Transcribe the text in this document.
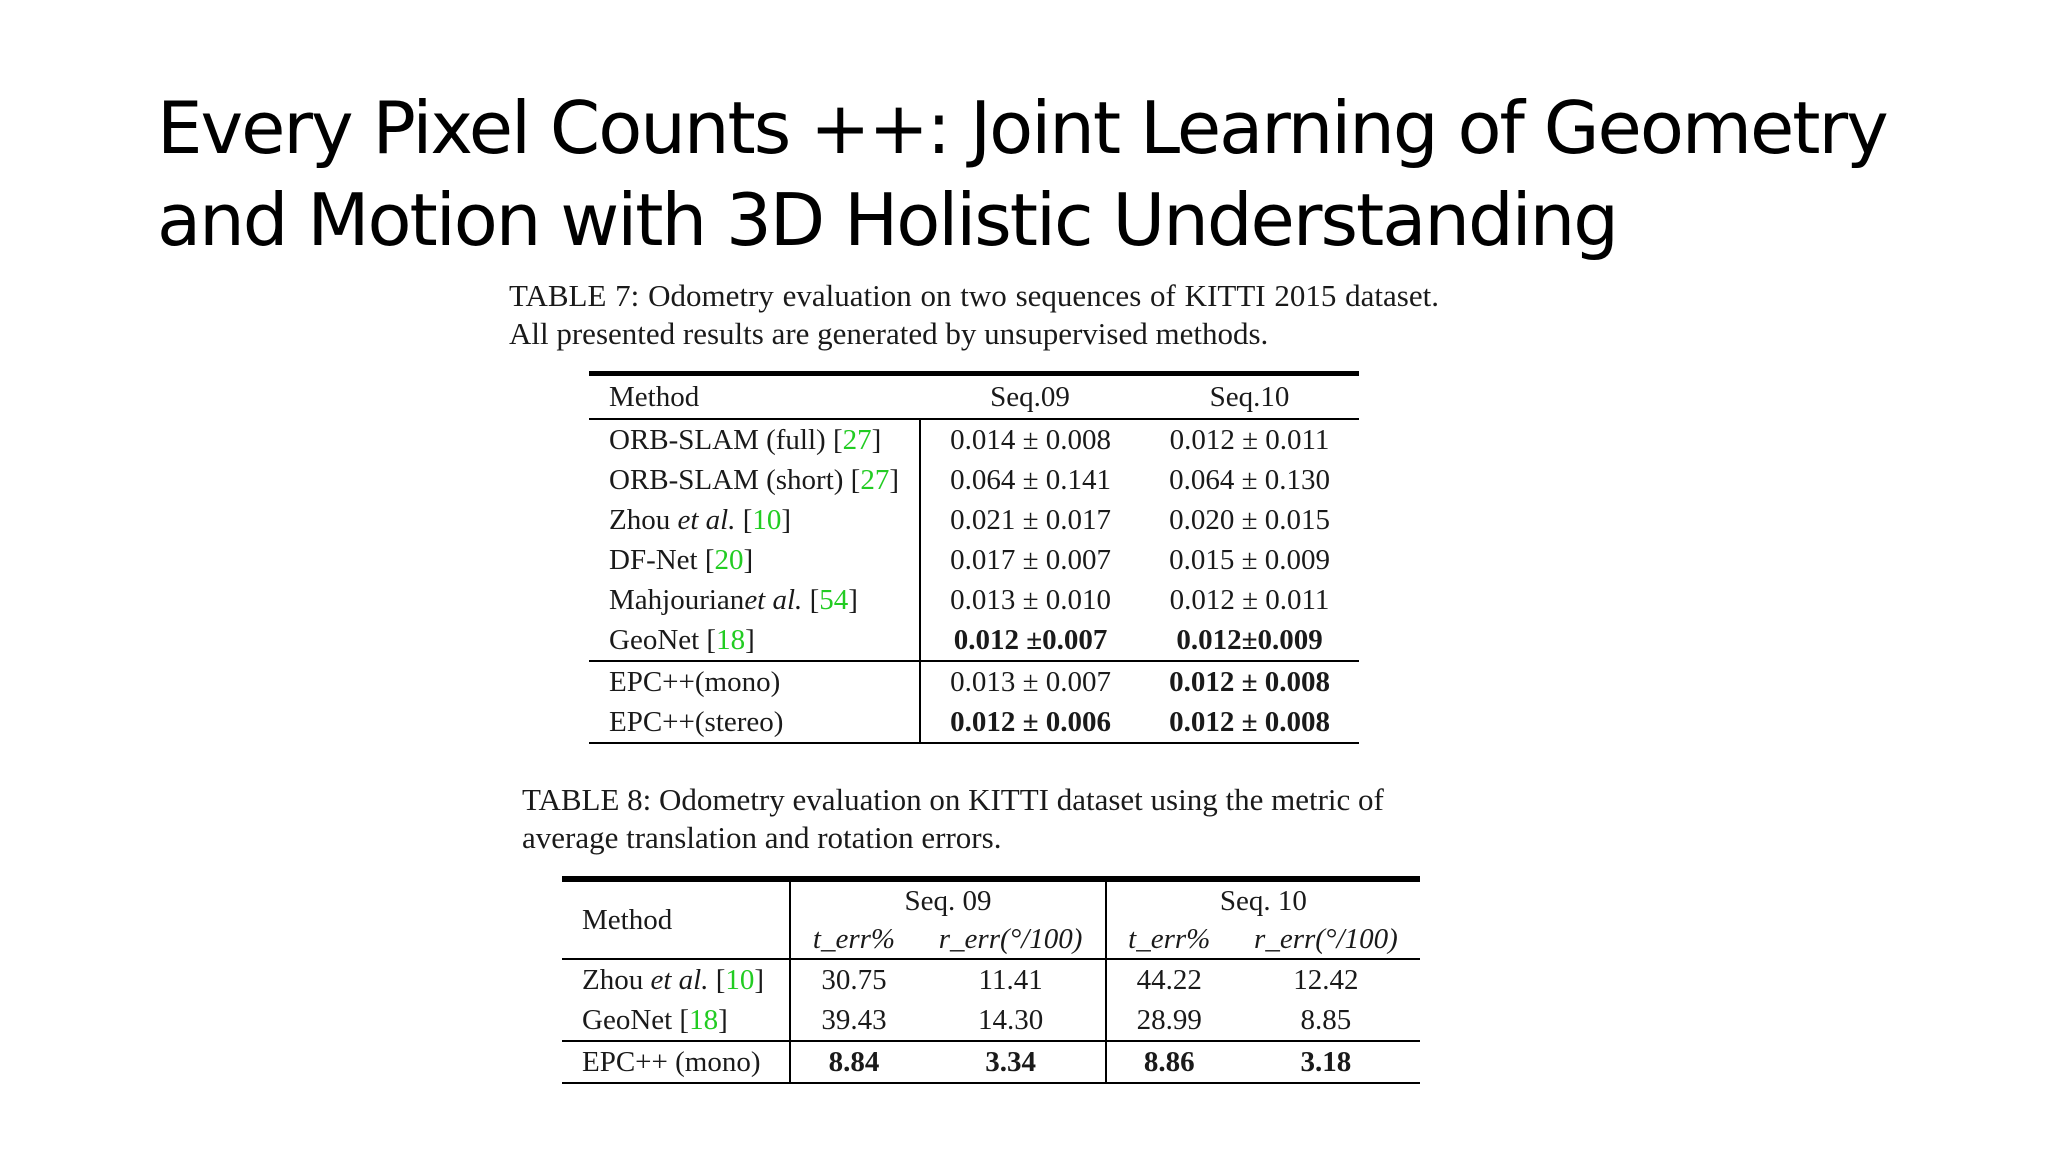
Every Pixel Counts ++: Joint Learning of Geometry and Motion with 3D Holistic Understanding

TABLE 7: Odometry evaluation on two sequences of KITTI 2015 dataset. All presented results are generated by unsupervised methods.

Method	Seq.09	Seq.10
ORB-SLAM (full) [27]	0.014 ± 0.008	0.012 ± 0.011
ORB-SLAM (short) [27]	0.064 ± 0.141	0.064 ± 0.130
Zhou et al. [10]	0.021 ± 0.017	0.020 ± 0.015
DF-Net [20]	0.017 ± 0.007	0.015 ± 0.009
Mahjourianet al. [54]	0.013 ± 0.010	0.012 ± 0.011
GeoNet [18]	0.012 ±0.007	0.012±0.009
EPC++(mono)	0.013 ± 0.007	0.012 ± 0.008
EPC++(stereo)	0.012 ± 0.006	0.012 ± 0.008

TABLE 8: Odometry evaluation on KITTI dataset using the metric of average translation and rotation errors.

Method	Seq. 09		Seq. 10	
	t_err%	r_err(°/100)	t_err%	r_err(°/100)
Zhou et al. [10]	30.75	11.41	44.22	12.42
GeoNet [18]	39.43	14.30	28.99	8.85
EPC++ (mono)	8.84	3.34	8.86	3.18
